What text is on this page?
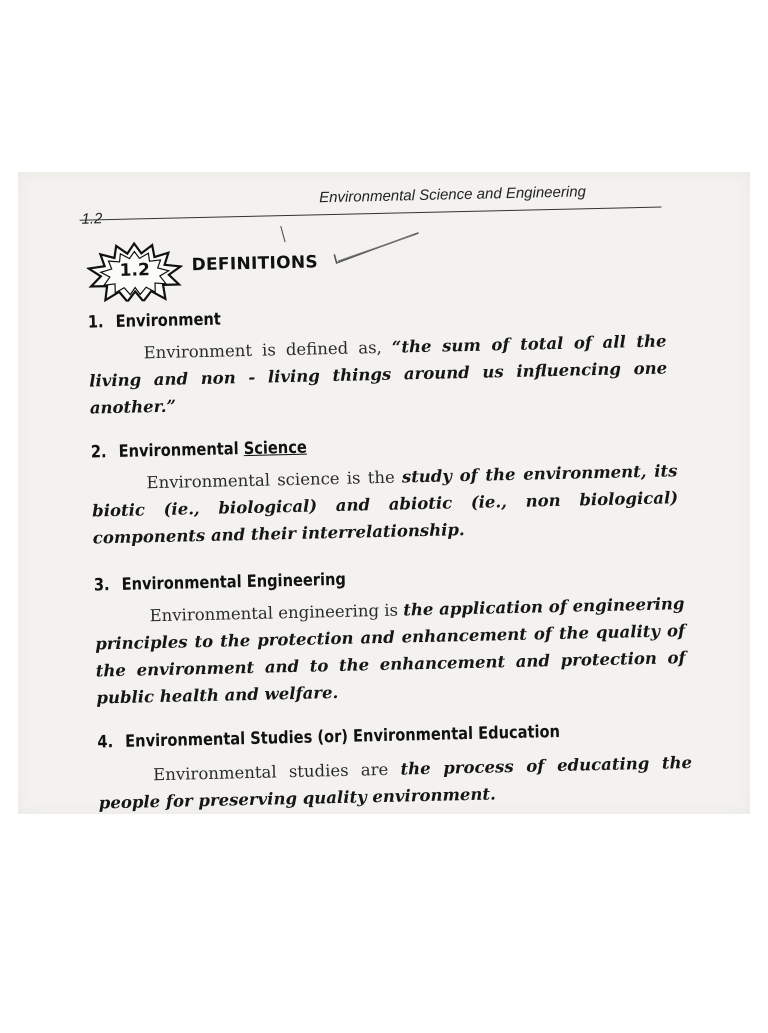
1.2
Environmental Science and Engineering
1.2	DEFINITIONS
1. Environment
Environment is defined as, “the sum of total of all the living and non - living things around us influencing one another.”
2. Environmental Science
Environmental science is the study of the environment, its biotic (ie., biological) and abiotic (ie., non biological) components and their interrelationship.
3. Environmental Engineering
Environmental engineering is the application of engineering principles to the protection and enhancement of the quality of the environment and to the enhancement and protection of public health and welfare.
4. Environmental Studies (or) Environmental Education
Environmental studies are the process of educating the people for preserving quality environment.
